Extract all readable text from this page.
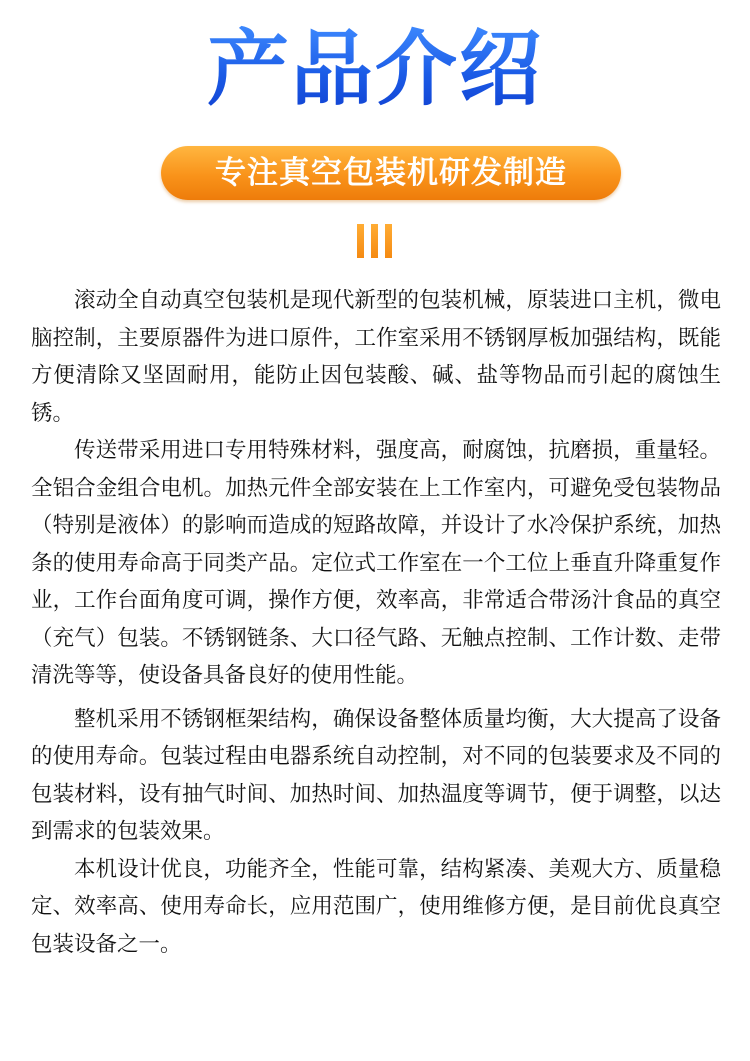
产品介绍
专注真空包装机研发制造

滚动全自动真空包装机是现代新型的包装机械，原装进口主机，微电脑控制，主要原器件为进口原件，工作室采用不锈钢厚板加强结构，既能方便清除又坚固耐用，能防止因包装酸、碱、盐等物品而引起的腐蚀生锈。

传送带采用进口专用特殊材料，强度高，耐腐蚀，抗磨损，重量轻。全铝合金组合电机。加热元件全部安装在上工作室内，可避免受包装物品（特别是液体）的影响而造成的短路故障，并设计了水冷保护系统，加热条的使用寿命高于同类产品。定位式工作室在一个工位上垂直升降重复作业，工作台面角度可调，操作方便，效率高，非常适合带汤汁食品的真空（充气）包装。不锈钢链条、大口径气路、无触点控制、工作计数、走带清洗等等，使设备具备良好的使用性能。

整机采用不锈钢框架结构，确保设备整体质量均衡，大大提高了设备的使用寿命。包装过程由电器系统自动控制，对不同的包装要求及不同的包装材料，设有抽气时间、加热时间、加热温度等调节，便于调整，以达到需求的包装效果。

本机设计优良，功能齐全，性能可靠，结构紧凑、美观大方、质量稳定、效率高、使用寿命长，应用范围广，使用维修方便，是目前优良真空包装设备之一。
